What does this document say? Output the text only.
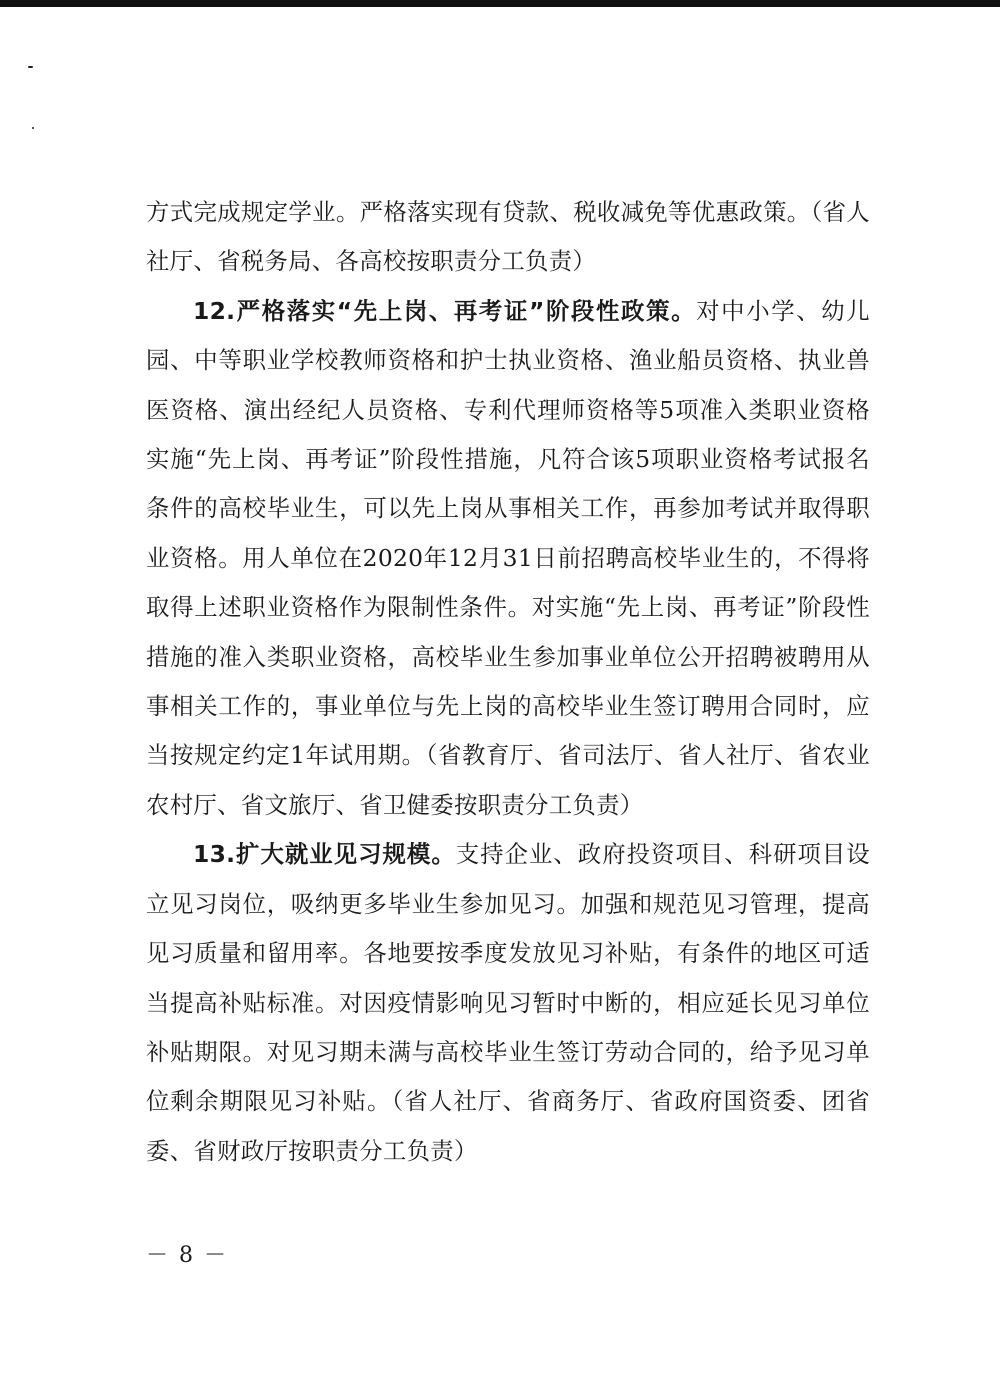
方式完成规定学业。严格落实现有贷款、税收减免等优惠政策。（省人社厅、省税务局、各高校按职责分工负责）

12.严格落实“先上岗、再考证”阶段性政策。对中小学、幼儿园、中等职业学校教师资格和护士执业资格、渔业船员资格、执业兽医资格、演出经纪人员资格、专利代理师资格等5项准入类职业资格实施“先上岗、再考证”阶段性措施，凡符合该5项职业资格考试报名条件的高校毕业生，可以先上岗从事相关工作，再参加考试并取得职业资格。用人单位在2020年12月31日前招聘高校毕业生的，不得将取得上述职业资格作为限制性条件。对实施“先上岗、再考证”阶段性措施的准入类职业资格，高校毕业生参加事业单位公开招聘被聘用从事相关工作的，事业单位与先上岗的高校毕业生签订聘用合同时，应当按规定约定1年试用期。（省教育厅、省司法厅、省人社厅、省农业农村厅、省文旅厅、省卫健委按职责分工负责）

13.扩大就业见习规模。支持企业、政府投资项目、科研项目设立见习岗位，吸纳更多毕业生参加见习。加强和规范见习管理，提高见习质量和留用率。各地要按季度发放见习补贴，有条件的地区可适当提高补贴标准。对因疫情影响见习暂时中断的，相应延长见习单位补贴期限。对见习期未满与高校毕业生签订劳动合同的，给予见习单位剩余期限见习补贴。（省人社厅、省商务厅、省政府国资委、团省委、省财政厅按职责分工负责）

－ 8 －
